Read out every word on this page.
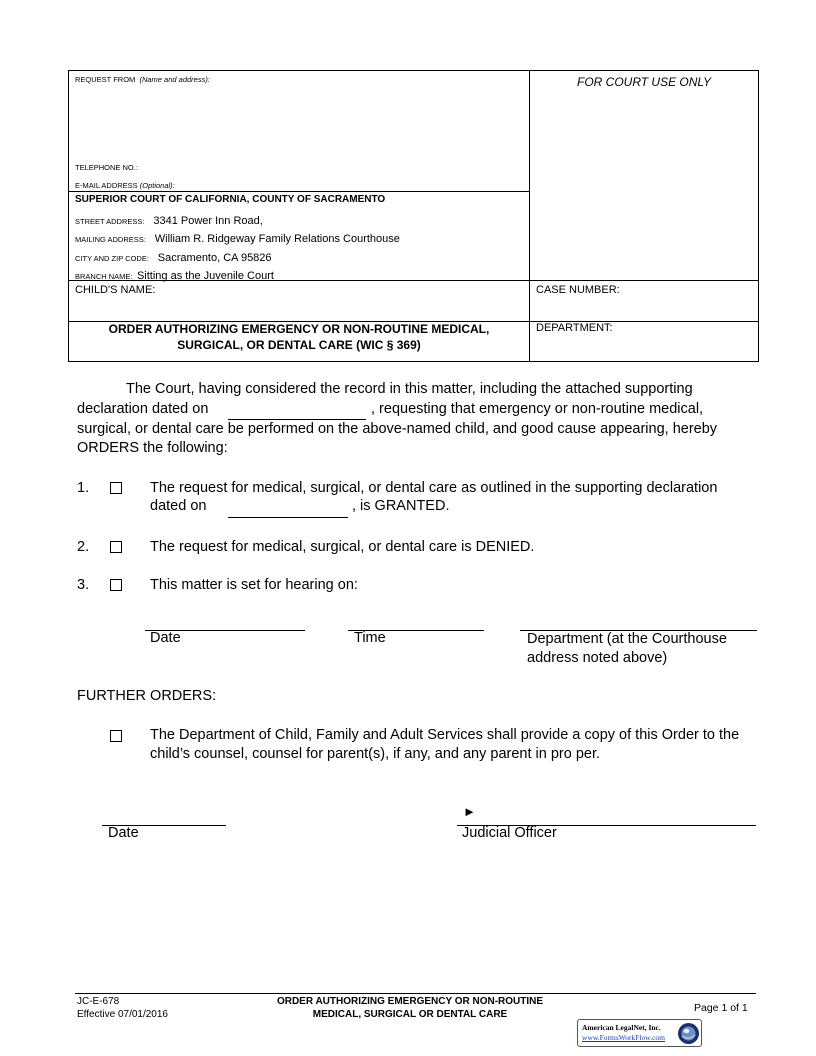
REQUEST FROM (Name and address):
TELEPHONE NO.:
E-MAIL ADDRESS (Optional):
FOR COURT USE ONLY
SUPERIOR COURT OF CALIFORNIA, COUNTY OF SACRAMENTO
STREET ADDRESS: 3341 Power Inn Road,
MAILING ADDRESS: William R. Ridgeway Family Relations Courthouse
CITY AND ZIP CODE: Sacramento, CA 95826
BRANCH NAME: Sitting as the Juvenile Court
CHILD'S NAME:	CASE NUMBER:
ORDER AUTHORIZING EMERGENCY OR NON-ROUTINE MEDICAL,
SURGICAL, OR DENTAL CARE (WIC § 369)
DEPARTMENT:
The Court, having considered the record in this matter, including the attached supporting
declaration dated on	, requesting that emergency or non-routine medical,
surgical, or dental care be performed on the above-named child, and good cause appearing, hereby
ORDERS the following:
1.	The request for medical, surgical, or dental care as outlined in the supporting declaration
dated on	, is GRANTED.
2.	The request for medical, surgical, or dental care is DENIED.
3.	This matter is set for hearing on:
Date	Time	Department (at the Courthouse
address noted above)
FURTHER ORDERS:
The Department of Child, Family and Adult Services shall provide a copy of this Order to the
child’s counsel, counsel for parent(s), if any, and any parent in pro per.
Date
►
Judicial Officer
JC-E-678
Effective 07/01/2016
ORDER AUTHORIZING EMERGENCY OR NON-ROUTINE
MEDICAL, SURGICAL OR DENTAL CARE
Page 1 of 1
American LegalNet, Inc.
www.FormsWorkFlow.com
